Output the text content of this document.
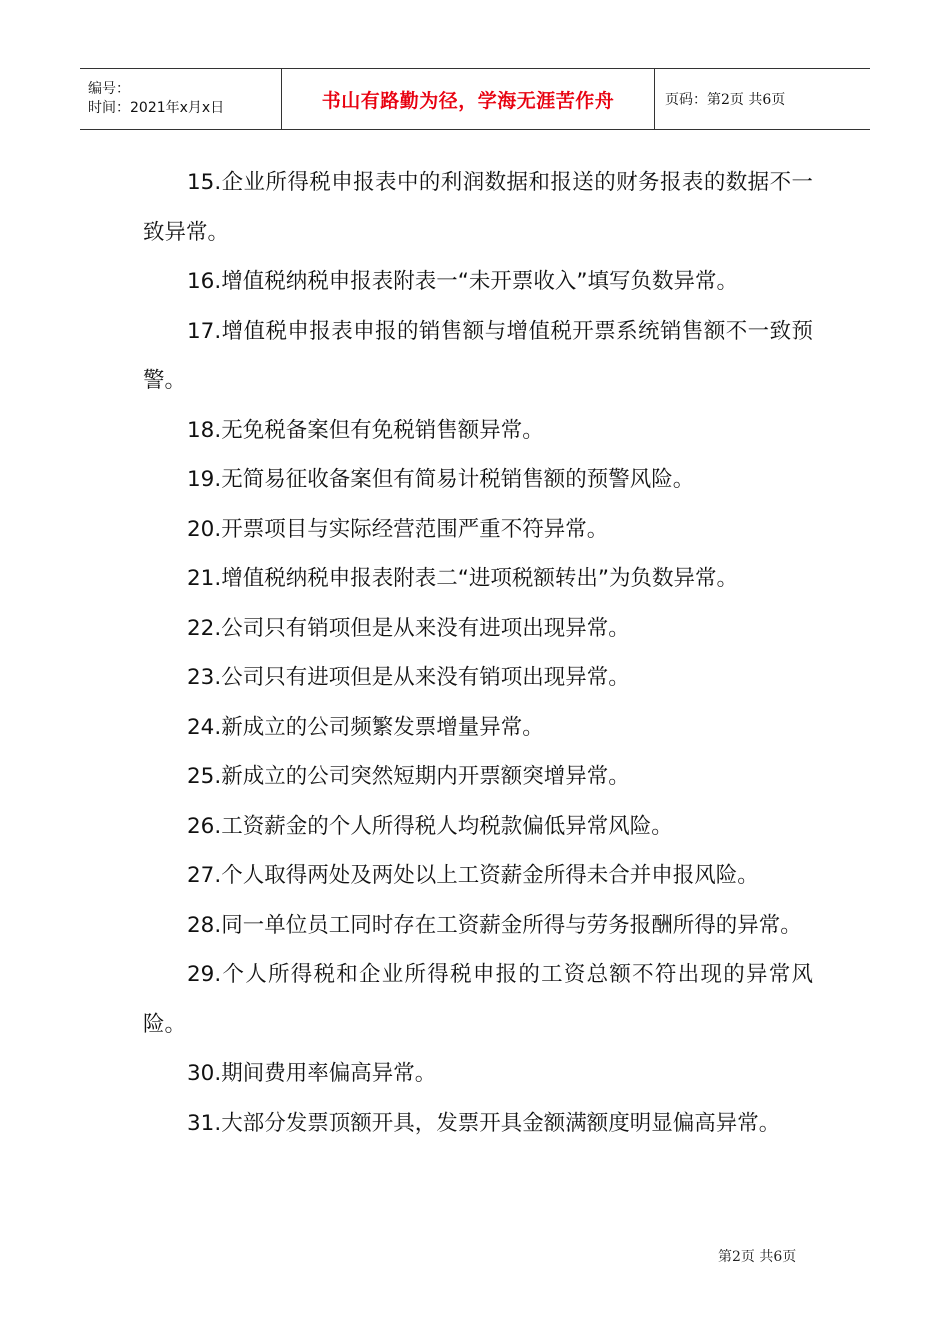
编号：
时间：2021年x月x日	书山有路勤为径，学海无涯苦作舟	页码：第2页 共6页

15.企业所得税申报表中的利润数据和报送的财务报表的数据不一致异常。

16.增值税纳税申报表附表一“未开票收入”填写负数异常。

17.增值税申报表申报的销售额与增值税开票系统销售额不一致预警。

18.无免税备案但有免税销售额异常。

19.无简易征收备案但有简易计税销售额的预警风险。

20.开票项目与实际经营范围严重不符异常。

21.增值税纳税申报表附表二“进项税额转出”为负数异常。

22.公司只有销项但是从来没有进项出现异常。

23.公司只有进项但是从来没有销项出现异常。

24.新成立的公司频繁发票增量异常。

25.新成立的公司突然短期内开票额突增异常。

26.工资薪金的个人所得税人均税款偏低异常风险。

27.个人取得两处及两处以上工资薪金所得未合并申报风险。

28.同一单位员工同时存在工资薪金所得与劳务报酬所得的异常。

29.个人所得税和企业所得税申报的工资总额不符出现的异常风险。

30.期间费用率偏高异常。

31.大部分发票顶额开具，发票开具金额满额度明显偏高异常。

第2页 共6页
